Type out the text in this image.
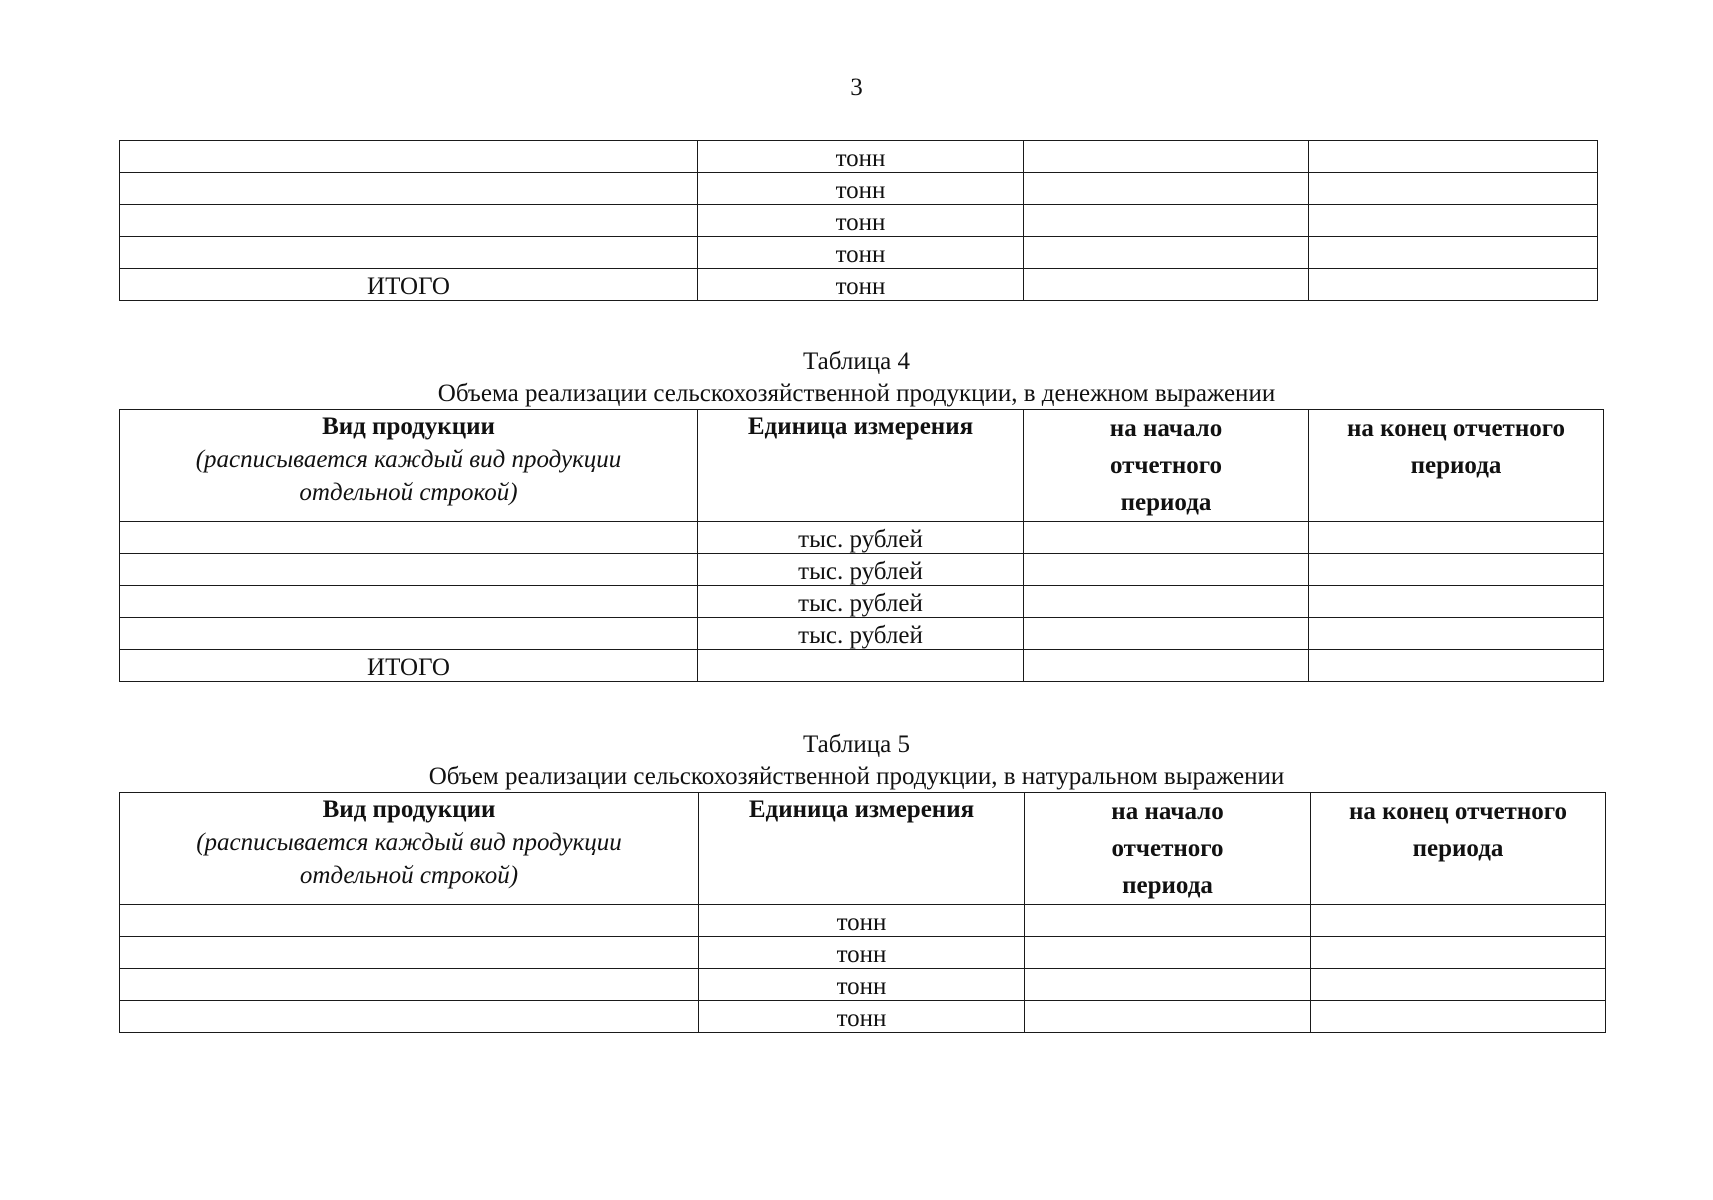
3
	тонн		
	тонн		
	тонн		
	тонн		
ИТОГО	тонн		
Таблица 4
Объема реализации сельскохозяйственной продукции, в денежном выражении
Вид продукции
(расписывается каждый вид продукции отдельной строкой)	Единица измерения	на начало отчетного периода	на конец отчетного периода

	тыс. рублей		
	тыс. рублей		
	тыс. рублей		
	тыс. рублей		
ИТОГО			
Таблица 5
Объем реализации сельскохозяйственной продукции, в натуральном выражении
Вид продукции
(расписывается каждый вид продукции отдельной строкой)	Единица измерения	на начало отчетного периода	на конец отчетного периода

	тонн		
	тонн		
	тонн		
	тонн		
